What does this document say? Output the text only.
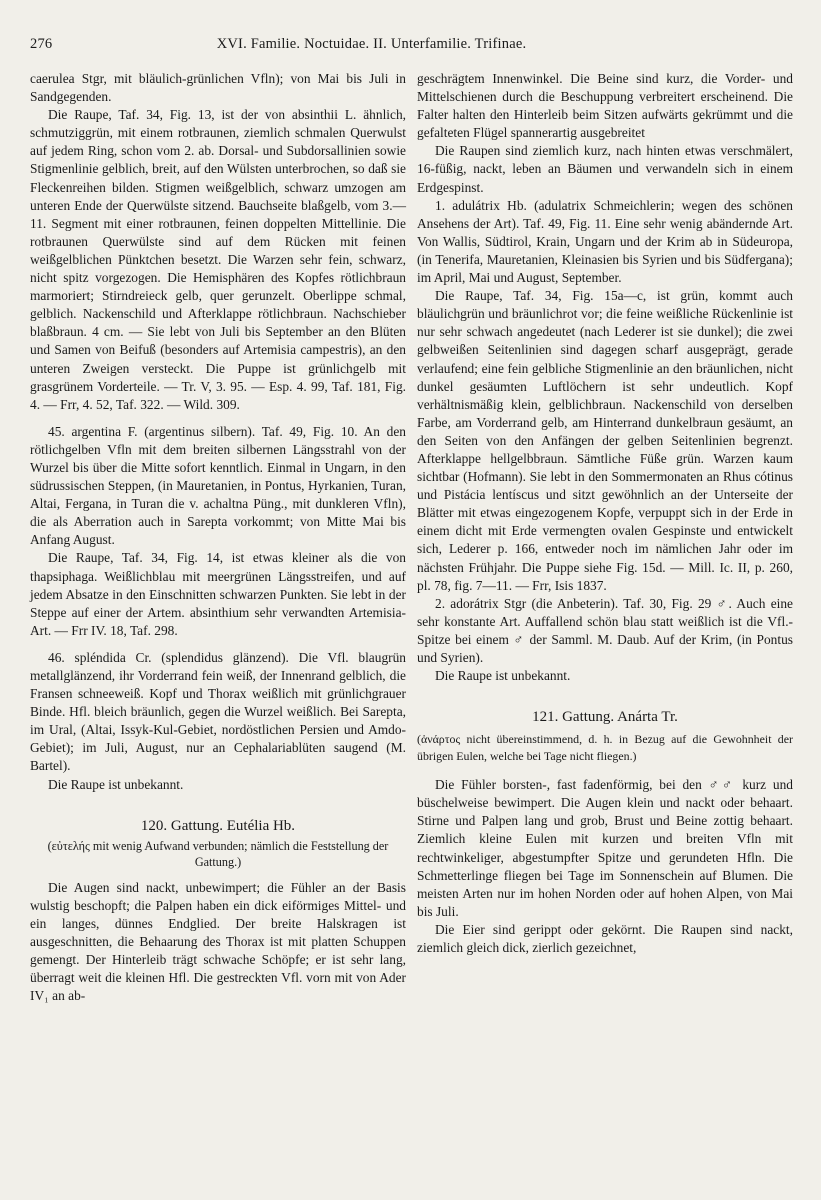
276	XVI. Familie. Noctuidae. II. Unterfamilie. Trifinae.

caerulea Stgr, mit bläulich-grünlichen Vfln); von Mai bis Juli in Sandgegenden.

Die Raupe, Taf. 34, Fig. 13, ist der von absinthii L. ähnlich, schmutziggrün, mit einem rotbraunen, ziemlich schmalen Querwulst auf jedem Ring, schon vom 2. ab. Dorsal- und Subdorsallinien sowie Stigmenlinie gelblich, breit, auf den Wülsten unterbrochen, so daß sie Fleckenreihen bilden. Stigmen weißgelblich, schwarz umzogen am unteren Ende der Querwülste sitzend. Bauchseite blaßgelb, vom 3.—11. Segment mit einer rotbraunen, feinen doppelten Mittellinie. Die rotbraunen Querwülste sind auf dem Rücken mit feinen weißgelblichen Pünktchen besetzt. Die Warzen sehr fein, schwarz, nicht spitz vorgezogen. Die Hemisphären des Kopfes rötlichbraun marmoriert; Stirndreieck gelb, quer gerunzelt. Oberlippe schmal, gelblich. Nackenschild und Afterklappe rötlichbraun. Nachschieber blaßbraun. 4 cm. — Sie lebt von Juli bis September an den Blüten und Samen von Beifuß (besonders auf Artemisia campestris), an den unteren Zweigen versteckt. Die Puppe ist grünlichgelb mit grasgrünem Vorderteile. — Tr. V, 3. 95. — Esp. 4. 99, Taf. 181, Fig. 4. — Frr, 4. 52, Taf. 322. — Wild. 309.

45. argentina F. (argentinus silbern). Taf. 49, Fig. 10. An den rötlichgelben Vfln mit dem breiten silbernen Längsstrahl von der Wurzel bis über die Mitte sofort kenntlich. Einmal in Ungarn, in den südrussischen Steppen, (in Mauretanien, in Pontus, Hyrkanien, Turan, Altai, Fergana, in Turan die v. achaltna Püng., mit dunkleren Vfln), die als Aberration auch in Sarepta vorkommt; von Mitte Mai bis Anfang August.

Die Raupe, Taf. 34, Fig. 14, ist etwas kleiner als die von thapsiphaga. Weißlichblau mit meergrünen Längsstreifen, und auf jedem Absatze in den Einschnitten schwarzen Punkten. Sie lebt in der Steppe auf einer der Artem. absinthium sehr verwandten Artemisia-Art. — Frr IV. 18, Taf. 298.

46. spléndida Cr. (splendidus glänzend). Die Vfl. blaugrün metallglänzend, ihr Vorderrand fein weiß, der Innenrand gelblich, die Fransen schneeweiß. Kopf und Thorax weißlich mit grünlichgrauer Binde. Hfl. bleich bräunlich, gegen die Wurzel weißlich. Bei Sarepta, im Ural, (Altai, Issyk-Kul-Gebiet, nordöstlichen Persien und Amdo-Gebiet); im Juli, August, nur an Cephalariablüten saugend (M. Bartel).

Die Raupe ist unbekannt.

120. Gattung. Eutélia Hb.
(εὐτελής mit wenig Aufwand verbunden; nämlich die Feststellung der Gattung.)

Die Augen sind nackt, unbewimpert; die Fühler an der Basis wulstig beschopft; die Palpen haben ein dick eiförmiges Mittel- und ein langes, dünnes Endglied. Der breite Halskragen ist ausgeschnitten, die Behaarung des Thorax ist mit platten Schuppen gemengt. Der Hinterleib trägt schwache Schöpfe; er ist sehr lang, überragt weit die kleinen Hfl. Die gestreckten Vfl. vorn mit von Ader IV₁ an ab-

geschrägtem Innenwinkel. Die Beine sind kurz, die Vorder- und Mittelschienen durch die Beschuppung verbreitert erscheinend. Die Falter halten den Hinterleib beim Sitzen aufwärts gekrümmt und die gefalteten Flügel spannerartig ausgebreitet

Die Raupen sind ziemlich kurz, nach hinten etwas verschmälert, 16-füßig, nackt, leben an Bäumen und verwandeln sich in einem Erdgespinst.

1. adulátrix Hb. (adulatrix Schmeichlerin; wegen des schönen Ansehens der Art). Taf. 49, Fig. 11. Eine sehr wenig abändernde Art. Von Wallis, Südtirol, Krain, Ungarn und der Krim ab in Südeuropa, (in Tenerifa, Mauretanien, Kleinasien bis Syrien und bis Südfergana); im April, Mai und August, September.

Die Raupe, Taf. 34, Fig. 15a—c, ist grün, kommt auch bläulichgrün und bräunlichrot vor; die feine weißliche Rückenlinie ist nur sehr schwach angedeutet (nach Lederer ist sie dunkel); die zwei gelbweißen Seitenlinien sind dagegen scharf ausgeprägt, gerade verlaufend; eine fein gelbliche Stigmenlinie an den bräunlichen, nicht dunkel gesäumten Luftlöchern ist sehr undeutlich. Kopf verhältnismäßig klein, gelblichbraun. Nackenschild von derselben Farbe, am Vorderrand gelb, am Hinterrand dunkelbraun gesäumt, an den Seiten von den Anfängen der gelben Seitenlinien begrenzt. Afterklappe hellgelbbraun. Sämtliche Füße grün. Warzen kaum sichtbar (Hofmann). Sie lebt in den Sommermonaten an Rhus cótinus und Pistácia lentíscus und sitzt gewöhnlich an der Unterseite der Blätter mit etwas eingezogenem Kopfe, verpuppt sich in der Erde in einem dicht mit Erde vermengten ovalen Gespinste und entwickelt sich, Lederer p. 166, entweder noch im nämlichen Jahr oder im nächsten Frühjahr. Die Puppe siehe Fig. 15d. — Mill. Ic. II, p. 260, pl. 78, fig. 7—11. — Frr, Isis 1837.

2. adorátrix Stgr (die Anbeterin). Taf. 30, Fig. 29 ♂. Auch eine sehr konstante Art. Auffallend schön blau statt weißlich ist die Vfl.-Spitze bei einem ♂ der Samml. M. Daub. Auf der Krim, (in Pontus und Syrien).

Die Raupe ist unbekannt.

121. Gattung. Anárta Tr.
(ἀνάρτος nicht übereinstimmend, d. h. in Bezug auf die Gewohnheit der übrigen Eulen, welche bei Tage nicht fliegen.)

Die Fühler borsten-, fast fadenförmig, bei den ♂♂ kurz und büschelweise bewimpert. Die Augen klein und nackt oder behaart. Stirne und Palpen lang und grob, Brust und Beine zottig behaart. Ziemlich kleine Eulen mit kurzen und breiten Vfln mit rechtwinkeliger, abgestumpfter Spitze und gerundeten Hfln. Die Schmetterlinge fliegen bei Tage im Sonnenschein auf Blumen. Die meisten Arten nur im hohen Norden oder auf hohen Alpen, von Mai bis Juli.

Die Eier sind gerippt oder gekörnt. Die Raupen sind nackt, ziemlich gleich dick, zierlich gezeichnet,
